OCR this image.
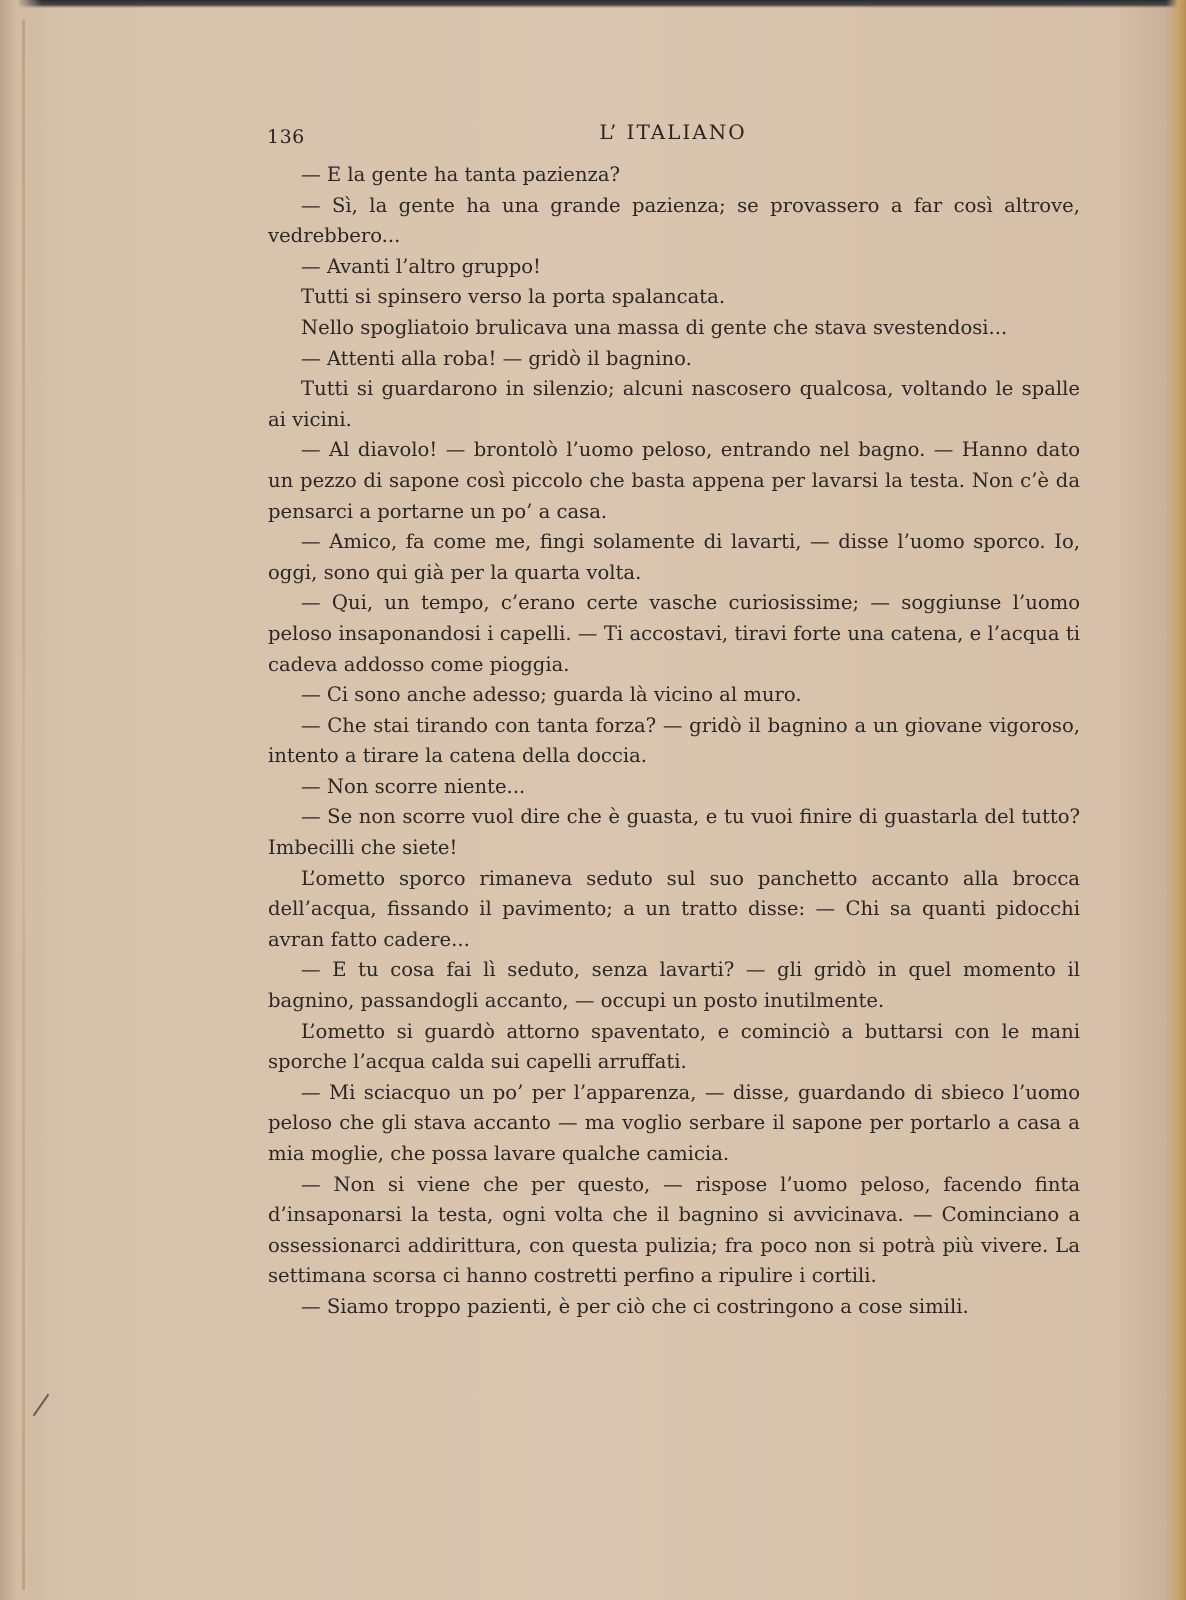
136	L’ ITALIANO

— E la gente ha tanta pazienza?

— Sì, la gente ha una grande pazienza; se provassero a far così altrove, vedrebbero...

— Avanti l’altro gruppo!

Tutti si spinsero verso la porta spalancata.

Nello spogliatoio brulicava una massa di gente che stava svestendosi...

— Attenti alla roba! — gridò il bagnino.

Tutti si guardarono in silenzio; alcuni nascosero qualcosa, voltando le spalle ai vicini.

— Al diavolo! — brontolò l’uomo peloso, entrando nel bagno. — Hanno dato un pezzo di sapone così piccolo che basta appena per lavarsi la testa. Non c’è da pensarci a portarne un po’ a casa.

— Amico, fa come me, fingi solamente di lavarti, — disse l’uomo sporco. Io, oggi, sono qui già per la quarta volta.

— Qui, un tempo, c’erano certe vasche curiosissime; — soggiunse l’uomo peloso insaponandosi i capelli. — Ti accostavi, tiravi forte una catena, e l’acqua ti cadeva addosso come pioggia.

— Ci sono anche adesso; guarda là vicino al muro.

— Che stai tirando con tanta forza? — gridò il bagnino a un giovane vigoroso, intento a tirare la catena della doccia.

— Non scorre niente...

— Se non scorre vuol dire che è guasta, e tu vuoi finire di guastarla del tutto? Imbecilli che siete!

L’ometto sporco rimaneva seduto sul suo panchetto accanto alla brocca dell’acqua, fissando il pavimento; a un tratto disse: — Chi sa quanti pidocchi avran fatto cadere...

— E tu cosa fai lì seduto, senza lavarti? — gli gridò in quel momento il bagnino, passandogli accanto, — occupi un posto inutilmente.

L’ometto si guardò attorno spaventato, e cominciò a buttarsi con le mani sporche l’acqua calda sui capelli arruffati.

— Mi sciacquo un po’ per l’apparenza, — disse, guardando di sbieco l’uomo peloso che gli stava accanto — ma voglio serbare il sapone per portarlo a casa a mia moglie, che possa lavare qualche camicia.

— Non si viene che per questo, — rispose l’uomo peloso, facendo finta d’insaponarsi la testa, ogni volta che il bagnino si avvicinava. — Cominciano a ossessionarci addirittura, con questa pulizia; fra poco non si potrà più vivere. La settimana scorsa ci hanno costretti perfino a ripulire i cortili.

— Siamo troppo pazienti, è per ciò che ci costringono a cose simili.
